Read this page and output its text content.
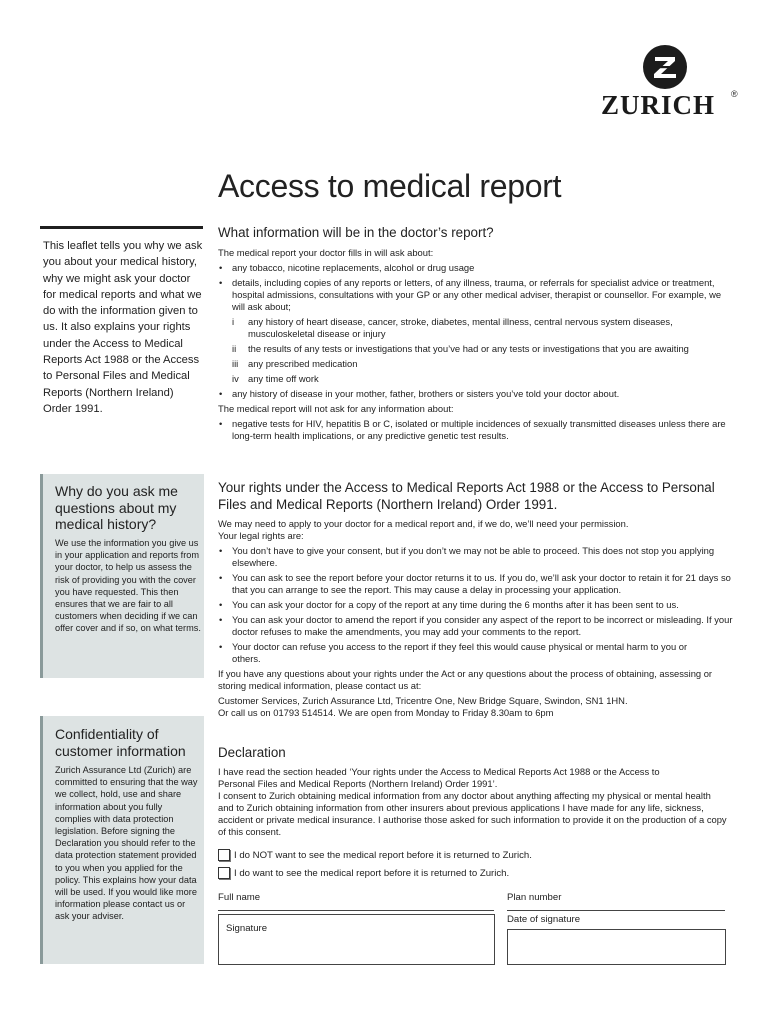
ZURICH	®
Access to medical report

This leaflet tells you why we ask you about your medical history, why we might ask your doctor for medical reports and what we do with the information given to us. It also explains your rights under the Access to Medical Reports Act 1988 or the Access to Personal Files and Medical Reports (Northern Ireland) Order 1991.

Why do you ask me questions about my medical history?

We use the information you give us in your application and reports from your doctor, to help us assess the risk of providing you with the cover you have requested. This then ensures that we are fair to all customers when deciding if we can offer cover and if so, on what terms.

Confidentiality of customer information

Zurich Assurance Ltd (Zurich) are committed to ensuring that the way we collect, hold, use and share information about you fully complies with data protection legislation. Before signing the Declaration you should refer to the data protection statement provided to you when you applied for the policy. This explains how your data will be used. If you would like more information please contact us or ask your adviser.

What information will be in the doctor’s report?

The medical report your doctor fills in will ask about:

• any tobacco, nicotine replacements, alcohol or drug usage

• details, including copies of any reports or letters, of any illness, trauma, or referrals for specialist advice or treatment, hospital admissions, consultations with your GP or any other medical adviser, therapist or counsellor. For example, we will ask about;

i any history of heart disease, cancer, stroke, diabetes, mental illness, central nervous system diseases, musculoskeletal disease or injury
ii the results of any tests or investigations that you’ve had or any tests or investigations that you are awaiting
iii any prescribed medication
iv any time off work

• any history of disease in your mother, father, brothers or sisters you’ve told your doctor about.

The medical report will not ask for any information about:

• negative tests for HIV, hepatitis B or C, isolated or multiple incidences of sexually transmitted diseases unless there are long-term health implications, or any predictive genetic test results.

Your rights under the Access to Medical Reports Act 1988 or the Access to Personal Files and Medical Reports (Northern Ireland) Order 1991.

We may need to apply to your doctor for a medical report and, if we do, we’ll need your permission.

Your legal rights are:

• You don’t have to give your consent, but if you don’t we may not be able to proceed. This does not stop you applying elsewhere.

• You can ask to see the report before your doctor returns it to us. If you do, we’ll ask your doctor to retain it for 21 days so that you can arrange to see the report. This may cause a delay in processing your application.

• You can ask your doctor for a copy of the report at any time during the 6 months after it has been sent to us.

• You can ask your doctor to amend the report if you consider any aspect of the report to be incorrect or misleading. If your doctor refuses to make the amendments, you may add your comments to the report.

• Your doctor can refuse you access to the report if they feel this would cause physical or mental harm to you or others.

If you have any questions about your rights under the Act or any questions about the process of obtaining, assessing or storing medical information, please contact us at:

Customer Services, Zurich Assurance Ltd, Tricentre One, New Bridge Square, Swindon, SN1 1HN.

Or call us on 01793 514514. We are open from Monday to Friday 8.30am to 6pm

Declaration

I have read the section headed ‘Your rights under the Access to Medical Reports Act 1988 or the Access to Personal Files and Medical Reports (Northern Ireland) Order 1991’.

I consent to Zurich obtaining medical information from any doctor about anything affecting my physical or mental health and to Zurich obtaining information from other insurers about previous applications I have made for any life, sickness, accident or private medical insurance. I authorise those asked for such information to provide it on the production of a copy of this consent.

I do NOT want to see the medical report before it is returned to Zurich.
I do want to see the medical report before it is returned to Zurich.
Full name	Plan number
Signature
Date of signature
